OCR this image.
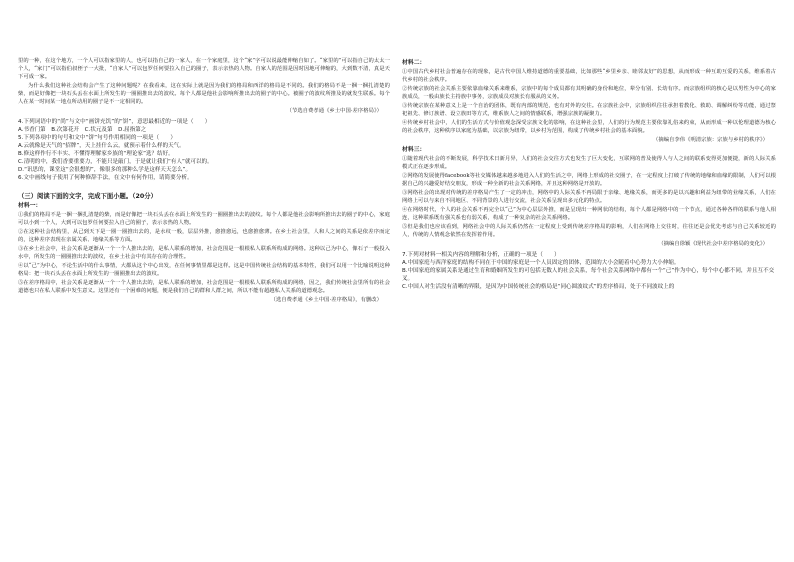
里的一种，在这个地方，一个人可以指家里的人，也可以指自己的一家人，在一个家庭里，这个“家”字可以说最能伸缩自如了。“家里的”可以指自己的太太一个人，“家门”可以指伯叔侄子一大批，“自家人”可以包罗任何要拉入自己的圈子，表示亲热的人物。自家人的范围是因时因地可伸缩的，大到数不清，真是天下可成一家。

为什么我们这种社会结构会产生了这种问题呢？在我看来，这在实际上就是因为我们的格局和西洋的格局是不同的。我们的格局不是一捆一捆扎清楚的柴，而是好像把一块石头丢在水面上所发生的一圈圈推出去的波纹。每个人都是他社会影响所推出去的圈子的中心。被圈子的波纹所推及的就发生联系。每个人在某一时间某一地点所动用的圈子是不一定相同的。

（节选自费孝通《乡土中国·差序格局》）

4.下列词语中的“尚”与文中“画饼充饥”的“饼”，意思最相近的一项是（　　）

A.书香门第　B.次第花开　C.状元及第　D.屈指第之

5.下列各项中的句号和文中“饼”句号作用相同的一项是（　　）

A.云就像是天气的“招牌”，天上挂什么云，就预示着什么样的天气。

B.修这样作行不丰实、不懂得理解家乡族的“理论家”选？结好。

C.清明的中，我们香要重要力，不能只是敲门，于是就让我们“有人”就可以的。

D.“讯思的，课堂这“会很想的”，像很多的那种么学是这样天天怎么”。

6.文中画线句子使用了何种修辞手法，在文中有何作用，请简要分析。

（三）阅读下面的文字，完成下面小题。（20分）

材料一：

①我们的格局不是一捆一捆扎清楚的柴，而是好像把一块石头丢在水面上所发生的一圈圈推出去的波纹。每个人都是他社会影响所推出去的圈子的中心，家庭可以小到一个人，大到可以包罗任何要拉入自己的圈子，表示亲热的人物。

②在这种社会结构里，从己到天下是一圈一圈推出去的，是水纹一般，层层外推，愈推愈远，也愈推愈薄。在乡土社会里，人和人之间的关系是依差序而定的，这种差序表现在亲属关系、地缘关系等方面。

③在乡土社会中，社会关系是逐渐从一个一个人推出去的，是私人联系的增加，社会范围是一根根私人联系所构成的网络。这种以己为中心，像石子一般投入水中，所发生的一圈圈推出去的波纹，在乡土社会中有其存在的合理性。

④以“己”为中心，不论生活中的什么事情，大都从这个中心出发，在任何事情里都是这样。这是中国传统社会结构的基本特性，我们可以用一个比喻说明这种格局：把一块石头丢在水面上所发生的一圈圈推出去的波纹。

⑤在差序格局中，社会关系是逐渐从一个一个人推出去的，是私人联系的增加，社会范围是一根根私人联系所构成的网络，因之，我们传统社会里所有的社会道德也只在私人联系中发生意义。这里还有一个困难的问题，便是我们自己的群和人群之间，所以不能有超越私人关系的道德观念。

（选自费孝通《乡土中国·差序格局》，有删改）

材料二：

①中国古代乡村社会普遍存在的现象，是古代中国人维持道德的重要基础，比如那些“乡里乡亲、睦邻友好”的思想，从而形成一种互助互爱的关系，维系着古代乡村的社会秩序。

②传统宗族的社会关系主要依靠血缘关系来维系，宗族中的每个成员都有其明确的身份和地位，辈分有别、长幼有序。而宗族组织的核心是以男性为中心的家族成员，一般由族长主持族中事务，宗族成员对族长有服从的义务。

③传统宗族在某种意义上是一个自治的团体，既有内部的规范，也有对外的交往。在宗族社会中，宗族组织往往承担着教化、救助、调解纠纷等功能，通过祭祀祖先、修订族谱、设立族田等方式，维系族人之间的情感联系，增强宗族的凝聚力。

④传统乡村社会中，人们的生活方式与价值观念深受宗族文化的影响，在这种社会里，人们的行为规范主要依靠礼俗来约束，从而形成一种以伦理道德为核心的社会秩序，这种秩序以家庭为基础，以宗族为纽带，以乡村为范围，构成了传统乡村社会的基本面貌。

（摘编自李伟《明清宗族：宗族与乡村的秩序》）

材料三：

①随着现代社会的不断发展，科学技术日新月异，人们的社会交往方式也发生了巨大变化，互联网的普及使得人与人之间的联系变得更加便捷，新的人际关系模式正在逐步形成。

②网络的发展使得facebook等社交媒体越来越多地进入人们的生活之中，网络上形成的社交圈子，在一定程度上打破了传统的地缘和血缘的限制，人们可以根据自己的兴趣爱好结交朋友，形成一种全新的社会关系网络，并且这种网络是开放的。

③网络社会的出现对传统的差序格局产生了一定的冲击，网络中的人际关系不再局限于亲缘、地缘关系，而更多的是以兴趣和利益为纽带的业缘关系，人们在网络上可以与来自不同地区、不同背景的人进行交流，社会关系呈现出多元化的特点。

④在网络时代，个人的社会关系不再完全以“己”为中心层层外推，而是呈现出一种网状的结构，每个人都是网络中的一个节点，通过各种各样的联系与他人相连，这种联系既有强关系也有弱关系，构成了一种复杂的社会关系网络。

⑤但是我们也应该看到，网络社会中的人际关系仍然在一定程度上受到传统差序格局的影响，人们在网络上交往时，往往还是会优先考虑与自己关系较近的人，传统的人情观念依然在发挥着作用。

（摘编自徐颖《现代社会中差序格局的变化》）

7.下列对材料一相关内容的理解和分析，正确的一项是（　　）

A.中国家庭与西洋家庭的结构不同在于中国的家庭是一个人员固定的团体，范围的大小会随着中心势力大小伸缩。

B.中国家庭的家属关系是通过生育和婚姻所发生的可包括无数人的社会关系，每个社会关系网络中都有一个“己”作为中心，每个中心都不同，并且互不交叉。

C.中国人对生活没有清晰的界限，是因为中国传统社会的格局是“同心圆波纹式”的差序格局，处于不同波纹上的
